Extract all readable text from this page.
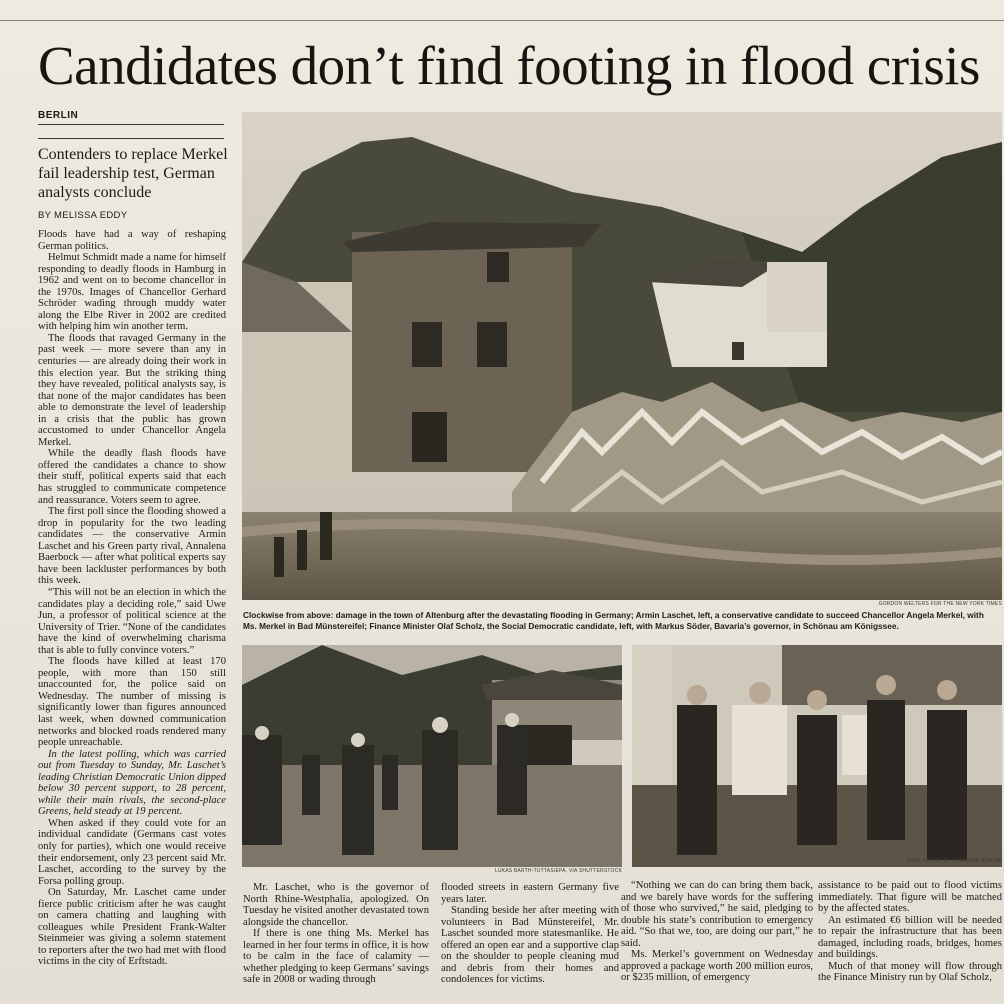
Candidates don’t find footing in flood crisis
BERLIN
Contenders to replace Merkel fail leadership test, German analysts conclude
BY MELISSA EDDY

Floods have had a way of reshaping German politics.

Helmut Schmidt made a name for himself responding to deadly floods in Hamburg in 1962 and went on to become chancellor in the 1970s. Images of Chancellor Gerhard Schröder wading through muddy water along the Elbe River in 2002 are credited with helping him win another term.

The floods that ravaged Germany in the past week — more severe than any in centuries — are already doing their work in this election year. But the striking thing they have revealed, political analysts say, is that none of the major candidates has been able to demonstrate the level of leadership in a crisis that the public has grown accustomed to under Chancellor Angela Merkel.

While the deadly flash floods have offered the candidates a chance to show their stuff, political experts said that each has struggled to communicate competence and reassurance. Voters seem to agree.

The first poll since the flooding showed a drop in popularity for the two leading candidates — the conservative Armin Laschet and his Green party rival, Annalena Baerbock — after what political experts say have been lackluster performances by both this week.

“This will not be an election in which the candidates play a deciding role,” said Uwe Jun, a professor of political science at the University of Trier. “None of the candidates have the kind of overwhelming charisma that is able to fully convince voters.”

The floods have killed at least 170 people, with more than 150 still unaccounted for, the police said on Wednesday. The number of missing is significantly lower than figures announced last week, when downed communication networks and blocked roads rendered many people unreachable.

In the latest polling, which was carried out from Tuesday to Sunday, Mr. Laschet’s leading Christian Democratic Union dipped below 30 percent support, to 28 percent, while their main rivals, the second-place Greens, held steady at 19 percent.

When asked if they could vote for an individual candidate (Germans cast votes only for parties), which one would receive their endorsement, only 23 percent said Mr. Laschet, according to the survey by the Forsa polling group.

On Saturday, Mr. Laschet came under fierce public criticism after he was caught on camera chatting and laughing with colleagues while President Frank-Walter Steinmeier was giving a solemn statement to reporters after the two had met with flood victims in the city of Erftstadt.

GORDON WELTERS FOR THE NEW YORK TIMES
Clockwise from above: damage in the town of Altenburg after the devastating flooding in Germany; Armin Laschet, left, a conservative candidate to succeed Chancellor Angela Merkel, with Ms. Merkel in Bad Münstereifel; Finance Minister Olaf Scholz, the Social Democratic candidate, left, with Markus Söder, Bavaria’s governor, in Schönau am Königssee.
LUKAS BARTH-TUTTAS/EPA, VIA SHUTTERSTOCK
POOL PHOTO BY CHRISTOF STACHE

Mr. Laschet, who is the governor of North Rhine-Westphalia, apologized. On Tuesday he visited another devastated town alongside the chancellor.

If there is one thing Ms. Merkel has learned in her four terms in office, it is how to be calm in the face of calamity — whether pledging to keep Germans’ savings safe in 2008 or wading through

flooded streets in eastern Germany five years later.

Standing beside her after meeting with volunteers in Bad Münstereifel, Mr. Laschet sounded more statesmanlike. He offered an open ear and a supportive clap on the shoulder to people cleaning mud and debris from their homes and condolences for victims.

“Nothing we can do can bring them back, and we barely have words for the suffering of those who survived,” he said, pledging to double his state’s contribution to emergency aid. “So that we, too, are doing our part,” he said.

Ms. Merkel’s government on Wednesday approved a package worth 200 million euros, or $235 million, of emergency

assistance to be paid out to flood victims immediately. That figure will be matched by the affected states.

An estimated €6 billion will be needed to repair the infrastructure that has been damaged, including roads, bridges, homes and buildings.

Much of that money will flow through the Finance Ministry run by Olaf Scholz,
